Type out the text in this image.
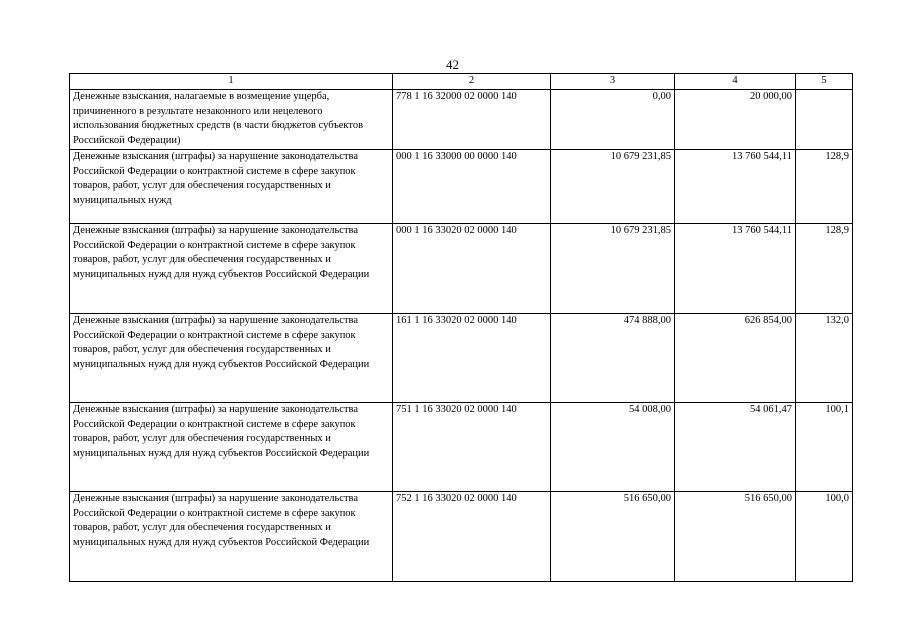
42
1	2	3	4	5
Денежные взыскания, налагаемые в возмещение ущерба, причиненного в результате незаконного или нецелевого использования бюджетных средств (в части бюджетов субъектов Российской Федерации)	778 1 16 32000 02 0000 140	0,00	20 000,00	
Денежные взыскания (штрафы) за нарушение законодательства Российской Федерации о контрактной системе в сфере закупок товаров, работ, услуг для обеспечения государственных и муниципальных нужд	000 1 16 33000 00 0000 140	10 679 231,85	13 760 544,11	128,9
Денежные взыскания (штрафы) за нарушение законодательства Российской Федерации о контрактной системе в сфере закупок товаров, работ, услуг для обеспечения государственных и муниципальных нужд для нужд субъектов Российской Федерации	000 1 16 33020 02 0000 140	10 679 231,85	13 760 544,11	128,9
Денежные взыскания (штрафы) за нарушение законодательства Российской Федерации о контрактной системе в сфере закупок товаров, работ, услуг для обеспечения государственных и муниципальных нужд для нужд субъектов Российской Федерации	161 1 16 33020 02 0000 140	474 888,00	626 854,00	132,0
Денежные взыскания (штрафы) за нарушение законодательства Российской Федерации о контрактной системе в сфере закупок товаров, работ, услуг для обеспечения государственных и муниципальных нужд для нужд субъектов Российской Федерации	751 1 16 33020 02 0000 140	54 008,00	54 061,47	100,1
Денежные взыскания (штрафы) за нарушение законодательства Российской Федерации о контрактной системе в сфере закупок товаров, работ, услуг для обеспечения государственных и муниципальных нужд для нужд субъектов Российской Федерации	752 1 16 33020 02 0000 140	516 650,00	516 650,00	100,0
